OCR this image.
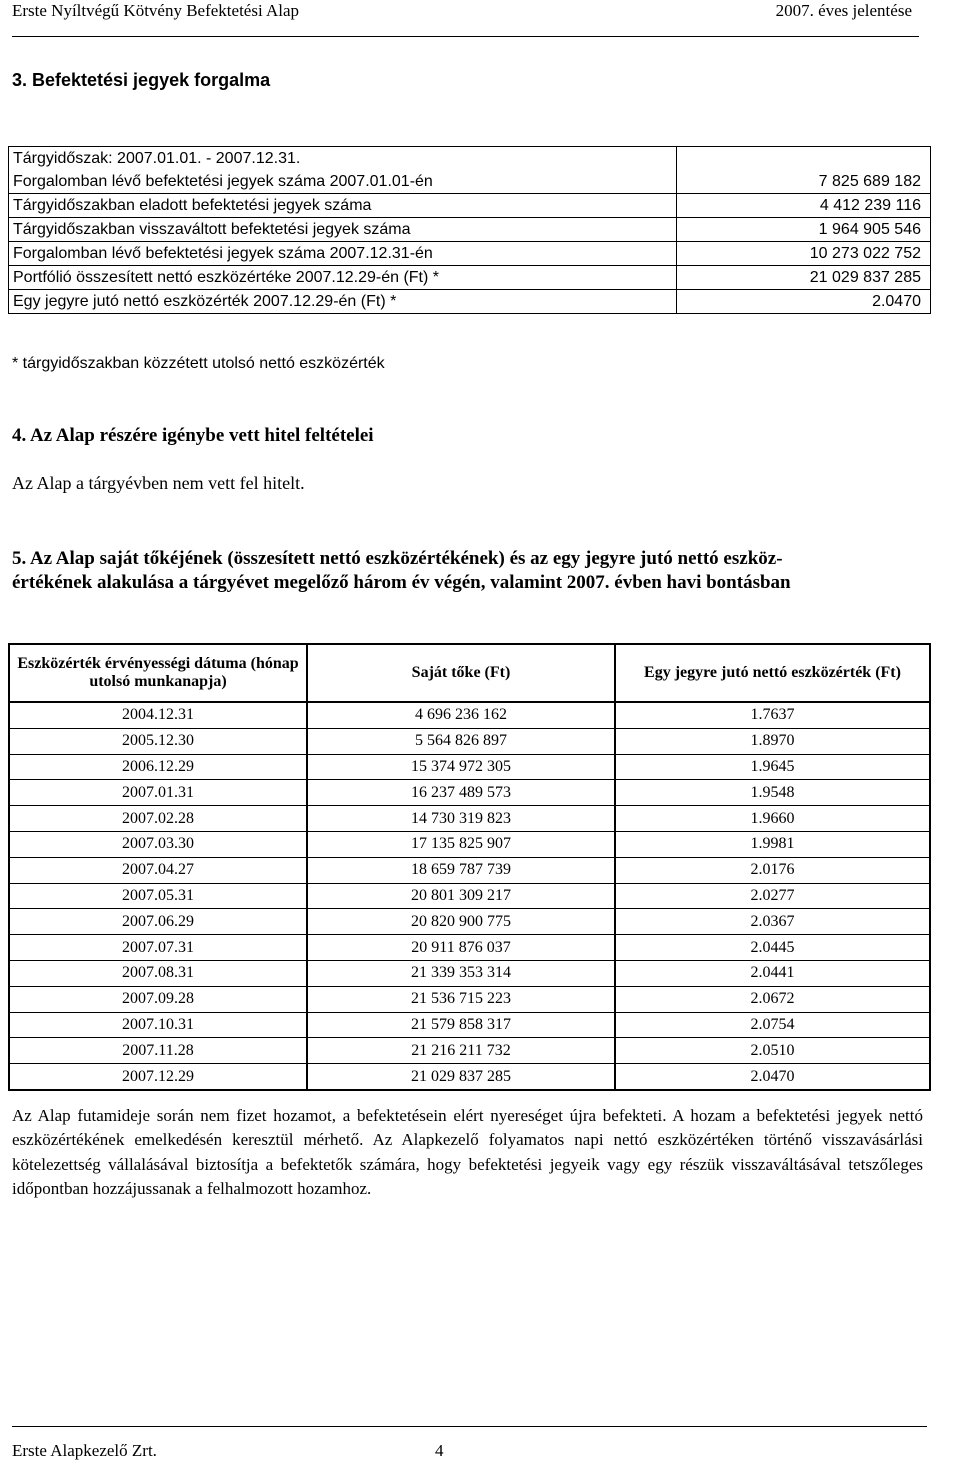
Erste Nyíltvégű Kötvény Befektetési Alap	2007. éves jelentése
3. Befektetési jegyek forgalma
Tárgyidőszak: 2007.01.01. - 2007.12.31.	
Forgalomban lévő befektetési jegyek száma 2007.01.01-én	7 825 689 182
Tárgyidőszakban eladott befektetési jegyek száma	4 412 239 116
Tárgyidőszakban visszaváltott befektetési jegyek száma	1 964 905 546
Forgalomban lévő befektetési jegyek száma 2007.12.31-én	10 273 022 752
Portfólió összesített nettó eszközértéke 2007.12.29-én (Ft) *	21 029 837 285
Egy jegyre jutó nettó eszközérték 2007.12.29-én (Ft) *	2.0470
* tárgyidőszakban közzétett utolsó nettó eszközérték
4. Az Alap részére igénybe vett hitel feltételei
Az Alap a tárgyévben nem vett fel hitelt.
5. Az Alap saját tőkéjének (összesített nettó eszközértékének) és az egy jegyre jutó nettó eszköz-
értékének alakulása a tárgyévet megelőző három év végén, valamint 2007. évben havi bontásban
Eszközérték érvényességi dátuma (hónap utolsó munkanapja)	Saját tőke (Ft)	Egy jegyre jutó nettó eszközérték (Ft)
2004.12.31	4 696 236 162	1.7637
2005.12.30	5 564 826 897	1.8970
2006.12.29	15 374 972 305	1.9645
2007.01.31	16 237 489 573	1.9548
2007.02.28	14 730 319 823	1.9660
2007.03.30	17 135 825 907	1.9981
2007.04.27	18 659 787 739	2.0176
2007.05.31	20 801 309 217	2.0277
2007.06.29	20 820 900 775	2.0367
2007.07.31	20 911 876 037	2.0445
2007.08.31	21 339 353 314	2.0441
2007.09.28	21 536 715 223	2.0672
2007.10.31	21 579 858 317	2.0754
2007.11.28	21 216 211 732	2.0510
2007.12.29	21 029 837 285	2.0470
Az Alap futamideje során nem fizet hozamot, a befektetésein elért nyereséget újra befekteti. A hozam a befektetési jegyek nettó eszközértékének emelkedésén keresztül mérhető. Az Alapkezelő folyamatos napi nettó eszközértéken történő visszavásárlási kötelezettség vállalásával biztosítja a befektetők számára, hogy befektetési jegyeik vagy egy részük visszaváltásával tetszőleges időpontban hozzájussanak a felhalmozott hozamhoz.
Erste Alapkezelő Zrt.	4
